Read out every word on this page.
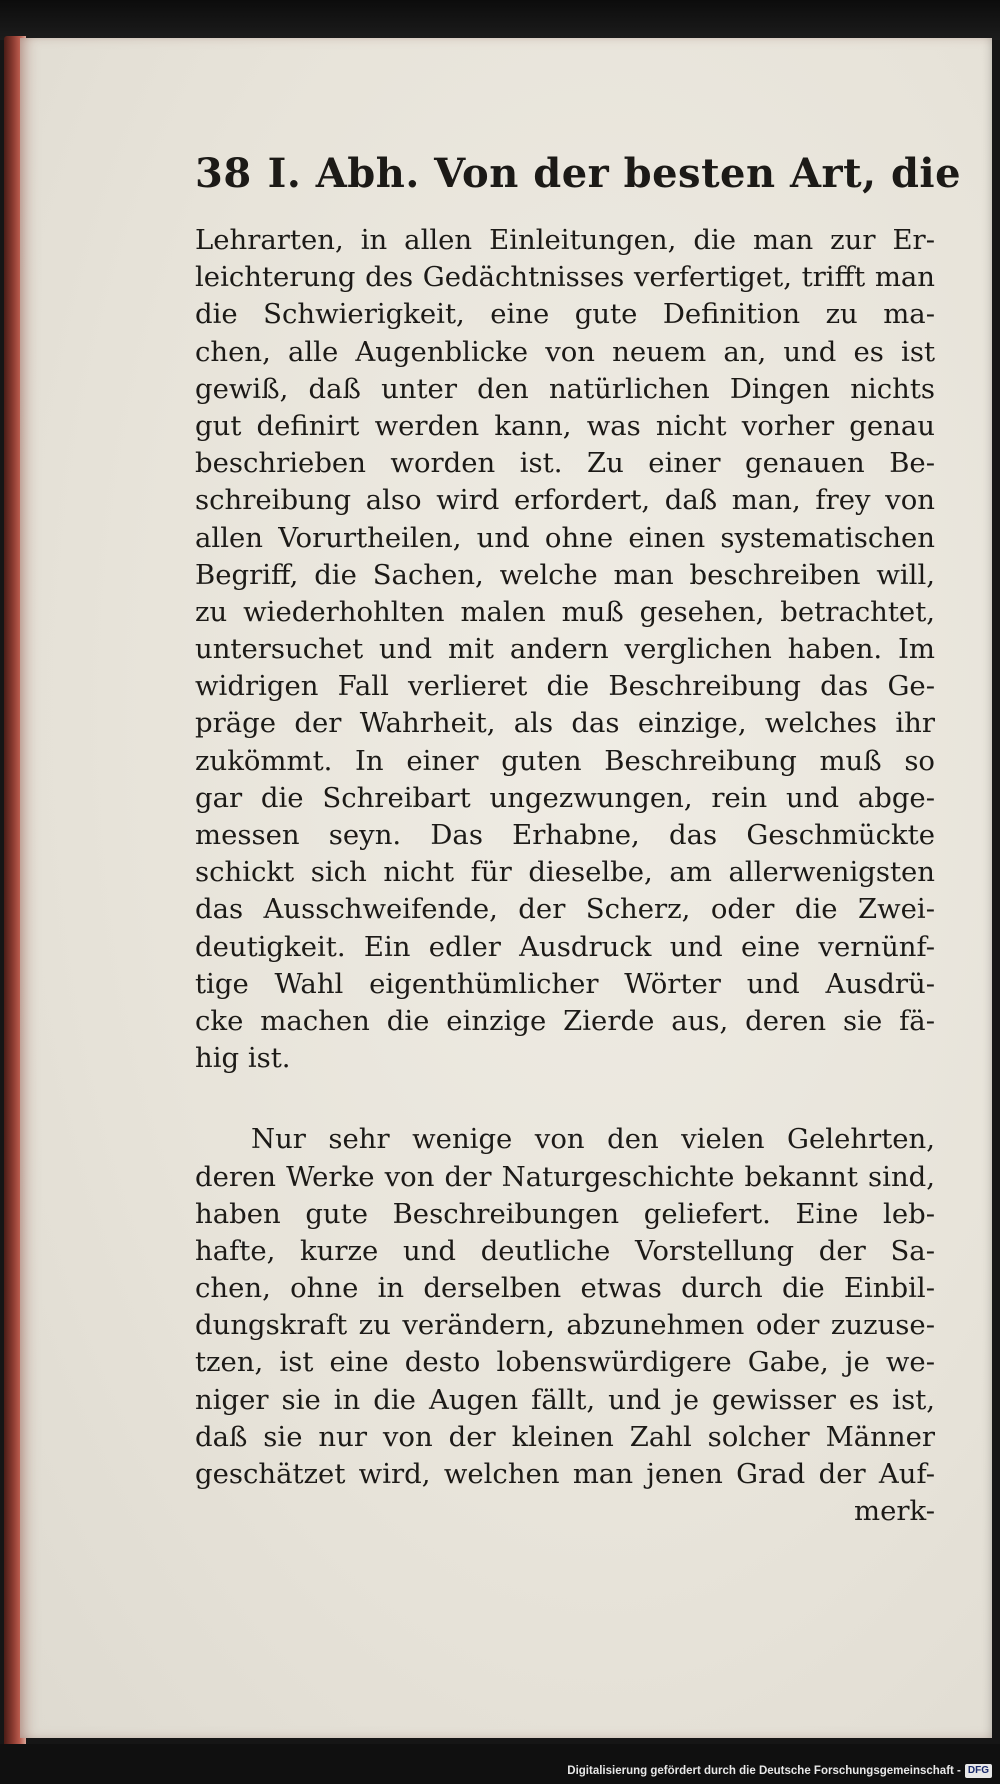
38 I. Abh. Von der besten Art, die
Lehrarten, in allen Einleitungen, die man zur Er-
leichterung des Gedächtnisses verfertiget, trifft man
die Schwierigkeit, eine gute Definition zu ma-
chen, alle Augenblicke von neuem an, und es ist
gewiß, daß unter den natürlichen Dingen nichts
gut definirt werden kann, was nicht vorher genau
beschrieben worden ist. Zu einer genauen Be-
schreibung also wird erfordert, daß man, frey von
allen Vorurtheilen, und ohne einen systematischen
Begriff, die Sachen, welche man beschreiben will,
zu wiederhohlten malen muß gesehen, betrachtet,
untersuchet und mit andern verglichen haben. Im
widrigen Fall verlieret die Beschreibung das Ge-
präge der Wahrheit, als das einzige, welches ihr
zukömmt. In einer guten Beschreibung muß so
gar die Schreibart ungezwungen, rein und abge-
messen seyn. Das Erhabne, das Geschmückte
schickt sich nicht für dieselbe, am allerwenigsten
das Ausschweifende, der Scherz, oder die Zwei-
deutigkeit. Ein edler Ausdruck und eine vernünf-
tige Wahl eigenthümlicher Wörter und Ausdrü-
cke machen die einzige Zierde aus, deren sie fä-
hig ist.
Nur sehr wenige von den vielen Gelehrten,
deren Werke von der Naturgeschichte bekannt sind,
haben gute Beschreibungen geliefert. Eine leb-
hafte, kurze und deutliche Vorstellung der Sa-
chen, ohne in derselben etwas durch die Einbil-
dungskraft zu verändern, abzunehmen oder zuzuse-
tzen, ist eine desto lobenswürdigere Gabe, je we-
niger sie in die Augen fällt, und je gewisser es ist,
daß sie nur von der kleinen Zahl solcher Männer
geschätzet wird, welchen man jenen Grad der Auf-
merk-
Digitalisierung gefördert durch die Deutsche Forschungsgemeinschaft - DFG
